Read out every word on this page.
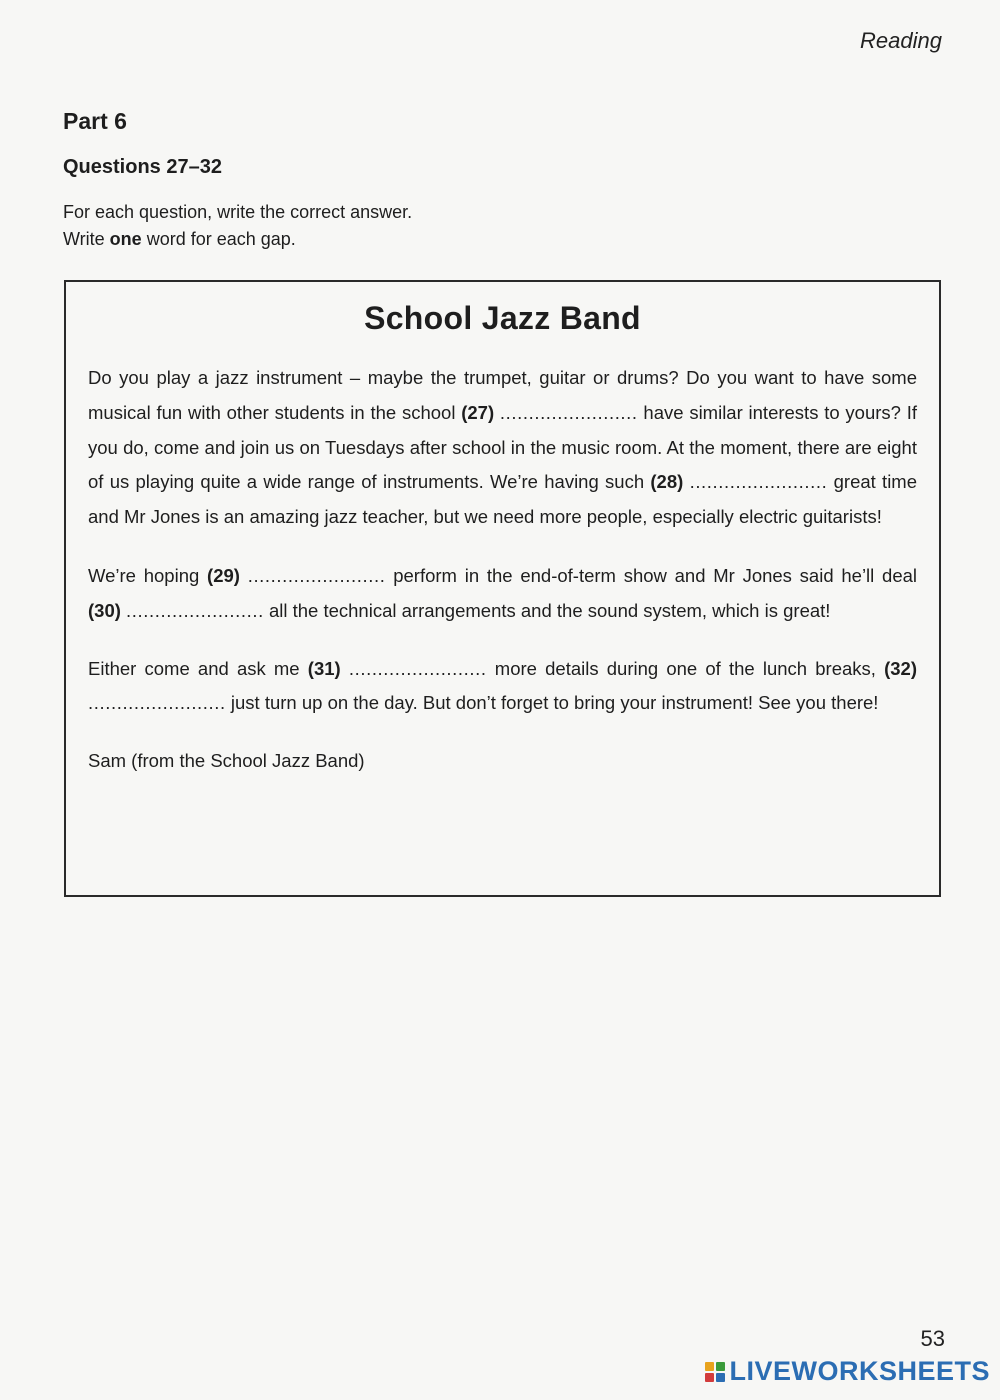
Reading
Part 6
Questions 27–32
For each question, write the correct answer.
Write one word for each gap.
School Jazz Band

Do you play a jazz instrument – maybe the trumpet, guitar or drums? Do you want to have some musical fun with other students in the school (27) ........................ have similar interests to yours? If you do, come and join us on Tuesdays after school in the music room. At the moment, there are eight of us playing quite a wide range of instruments. We’re having such (28) ........................ great time and Mr Jones is an amazing jazz teacher, but we need more people, especially electric guitarists!

We’re hoping (29) ........................ perform in the end-of-term show and Mr Jones said he’ll deal (30) ........................ all the technical arrangements and the sound system, which is great!

Either come and ask me (31) ........................ more details during one of the lunch breaks, (32) ........................ just turn up on the day. But don’t forget to bring your instrument! See you there!

Sam (from the School Jazz Band)
53
LIVEWORKSHEETS
